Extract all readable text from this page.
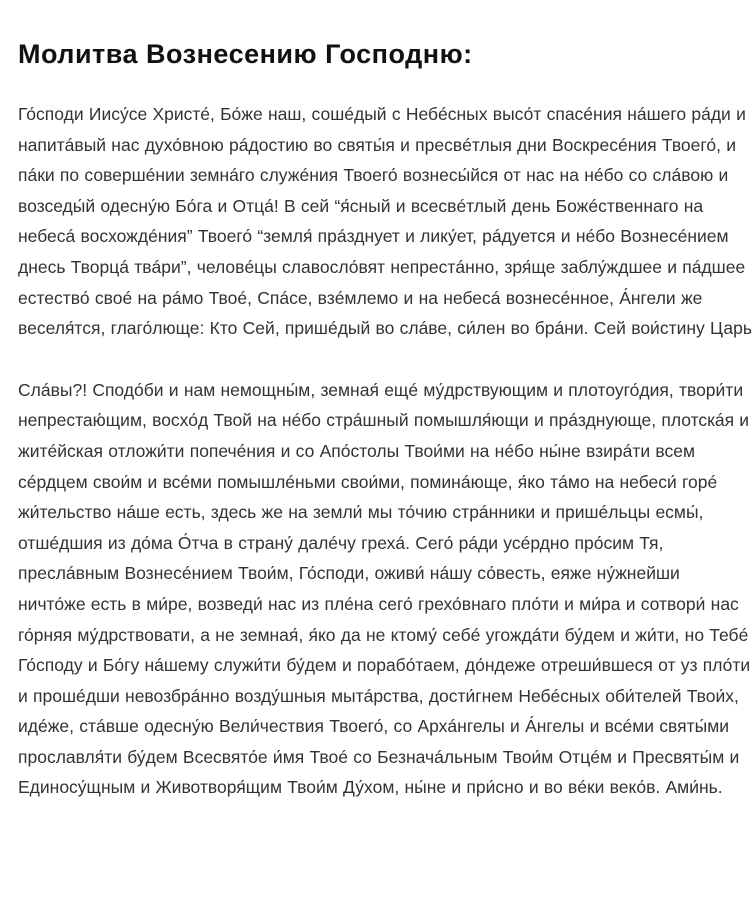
Молитва Вознесению Господню:

Го́споди Иису́се Христе́, Бо́же наш, сошéдый с Небéсных высо́т спасéния нáшего рáди и напитáвый нас духо́вною рáдостию во святы́я и пресвéтлыя дни Воскресéния Твоего́, и пáки по совершéнии земнáго служéния Твоего́ вознесы́йся от нас на нéбо со слáвою и возседы́й одесну́ю Бо́га и Отцá! В сей “я́сный и всесвéтлый день Божéственнаго на небесá восхождéния” Твоего́ “земля́ прáзднует и лику́ет, рáдуется и нéбо Вознесéнием днесь Творцá твáри”, человéцы славосло́вят непрестáнно, зря́ще заблу́ждшее и пáдшее естество́ своé на рáмо Твоé, Спáсе, взéмлемо и на небесá вознесéнное, А́нгели же веселя́тся, глаго́люще: Кто Сей, пришéдый во слáве, си́лен во брáни. Сей вои́стину Царь

Слáвы?! Сподо́би и нам немощны́м, земная́ ещé му́дрствующим и плотоуго́дия, твори́ти непрестаю́щим, восхо́д Твой на нéбо стрáшный помышля́ющи и прáзднующе, плотскáя и житéйская отложи́ти попечéния и со Апо́столы Твои́ми на нéбо ны́не взирáти всем сéрдцем свои́м и всéми помышлéньми свои́ми, поминáюще, я́ко тáмо на небеси́ горé жи́тельство нáше есть, здесь же на земли́ мы то́чию стрáнники и пришéльцы есмы́, отшéдшия из до́ма О́тча в страну́ далéчу грехá. Сего́ рáди усéрдно про́сим Тя, преслáвным Вознесéнием Твои́м, Го́споди, оживи́ нáшу со́весть, еяже ну́жнейши ничто́же есть в ми́ре, возведи́ нас из плéна сего́ грехо́внаго пло́ти и ми́ра и сотвори́ нас го́рняя му́дрствовати, а не земная́, я́ко да не ктому́ себé угождáти бу́дем и жи́ти, но Тебé Го́споду и Бо́гу нáшему служи́ти бу́дем и порабо́таем, до́ндеже отреши́вшеся от уз пло́ти и прошéдши невозбрáнно возду́шныя мытáрства, дости́гнем Небéсных оби́телей Твои́х, идéже, стáвше одесну́ю Вели́чествия Твоего́, со Архáнгелы и А́нгелы и всéми святы́ми прославля́ти бу́дем Всесвято́е и́мя Твоé со Безначáльным Твои́м Отцéм и Пресвяты́м и Единосу́щным и Животворя́щим Твои́м Ду́хом, ны́не и при́сно и во вéки веко́в. Ами́нь.
